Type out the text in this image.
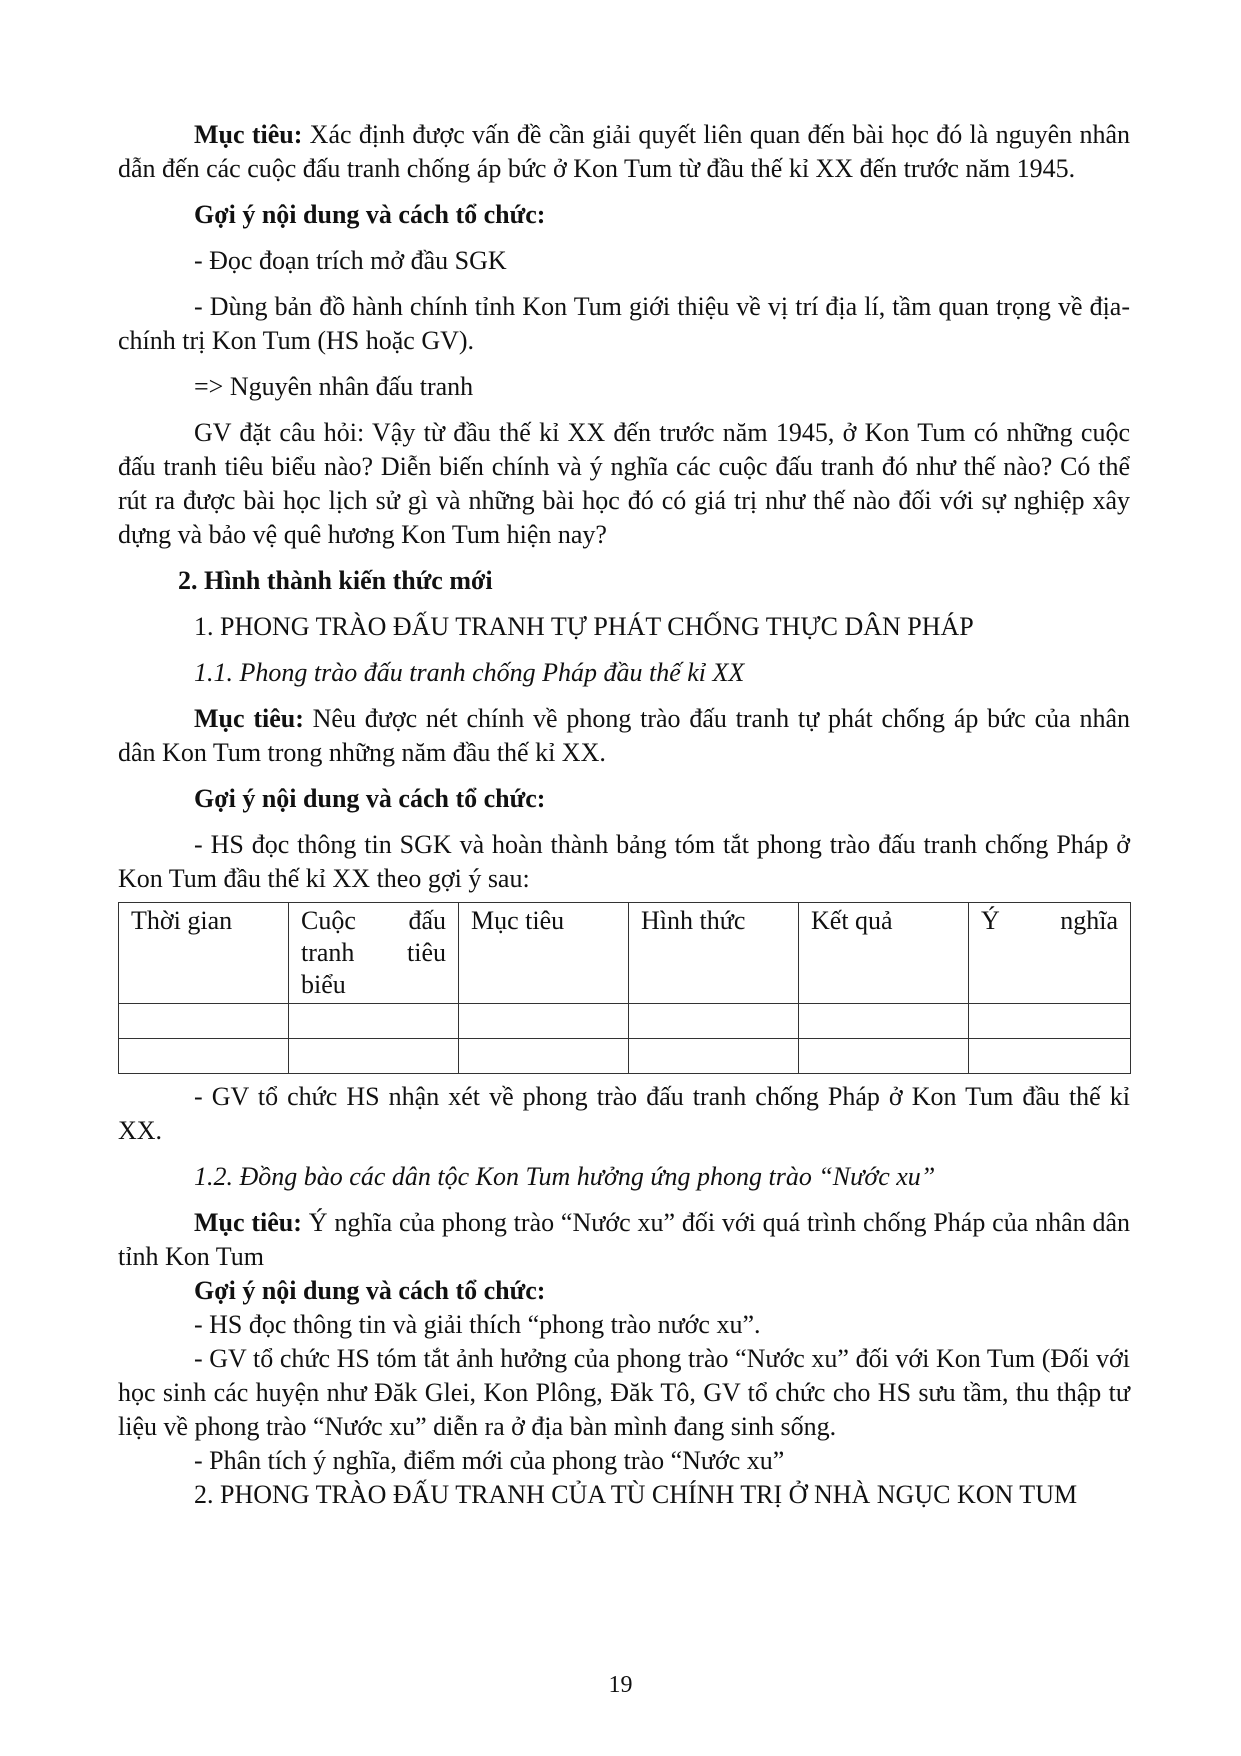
Mục tiêu: Xác định được vấn đề cần giải quyết liên quan đến bài học đó là nguyên nhân dẫn đến các cuộc đấu tranh chống áp bức ở Kon Tum từ đầu thế kỉ XX đến trước năm 1945.

Gợi ý nội dung và cách tổ chức:

- Đọc đoạn trích mở đầu SGK

- Dùng bản đồ hành chính tỉnh Kon Tum giới thiệu về vị trí địa lí, tầm quan trọng về địa-chính trị Kon Tum (HS hoặc GV).

=> Nguyên nhân đấu tranh

GV đặt câu hỏi: Vậy từ đầu thế kỉ XX đến trước năm 1945, ở Kon Tum có những cuộc đấu tranh tiêu biểu nào? Diễn biến chính và ý nghĩa các cuộc đấu tranh đó như thế nào? Có thể rút ra được bài học lịch sử gì và những bài học đó có giá trị như thế nào đối với sự nghiệp xây dựng và bảo vệ quê hương Kon Tum hiện nay?

2. Hình thành kiến thức mới

1. PHONG TRÀO ĐẤU TRANH TỰ PHÁT CHỐNG THỰC DÂN PHÁP

1.1. Phong trào đấu tranh chống Pháp đầu thế kỉ XX

Mục tiêu: Nêu được nét chính về phong trào đấu tranh tự phát chống áp bức của nhân dân Kon Tum trong những năm đầu thế kỉ XX.

Gợi ý nội dung và cách tổ chức:

- HS đọc thông tin SGK và hoàn thành bảng tóm tắt phong trào đấu tranh chống Pháp ở Kon Tum đầu thế kỉ XX theo gợi ý sau:

Thời gian	Cuộc đấu tranh tiêu biểu	Mục tiêu	Hình thức	Kết quả	Ý nghĩa

- GV tổ chức HS nhận xét về phong trào đấu tranh chống Pháp ở Kon Tum đầu thế kỉ XX.

1.2. Đồng bào các dân tộc Kon Tum hưởng ứng phong trào “Nước xu”

Mục tiêu: Ý nghĩa của phong trào “Nước xu” đối với quá trình chống Pháp của nhân dân tỉnh Kon Tum

Gợi ý nội dung và cách tổ chức:

- HS đọc thông tin và giải thích “phong trào nước xu”.

- GV tổ chức HS tóm tắt ảnh hưởng của phong trào “Nước xu” đối với Kon Tum (Đối với học sinh các huyện như Đăk Glei, Kon Plông, Đăk Tô, GV tổ chức cho HS sưu tầm, thu thập tư liệu về phong trào “Nước xu” diễn ra ở địa bàn mình đang sinh sống.

- Phân tích ý nghĩa, điểm mới của phong trào “Nước xu”

2. PHONG TRÀO ĐẤU TRANH CỦA TÙ CHÍNH TRỊ Ở NHÀ NGỤC KON TUM

19
